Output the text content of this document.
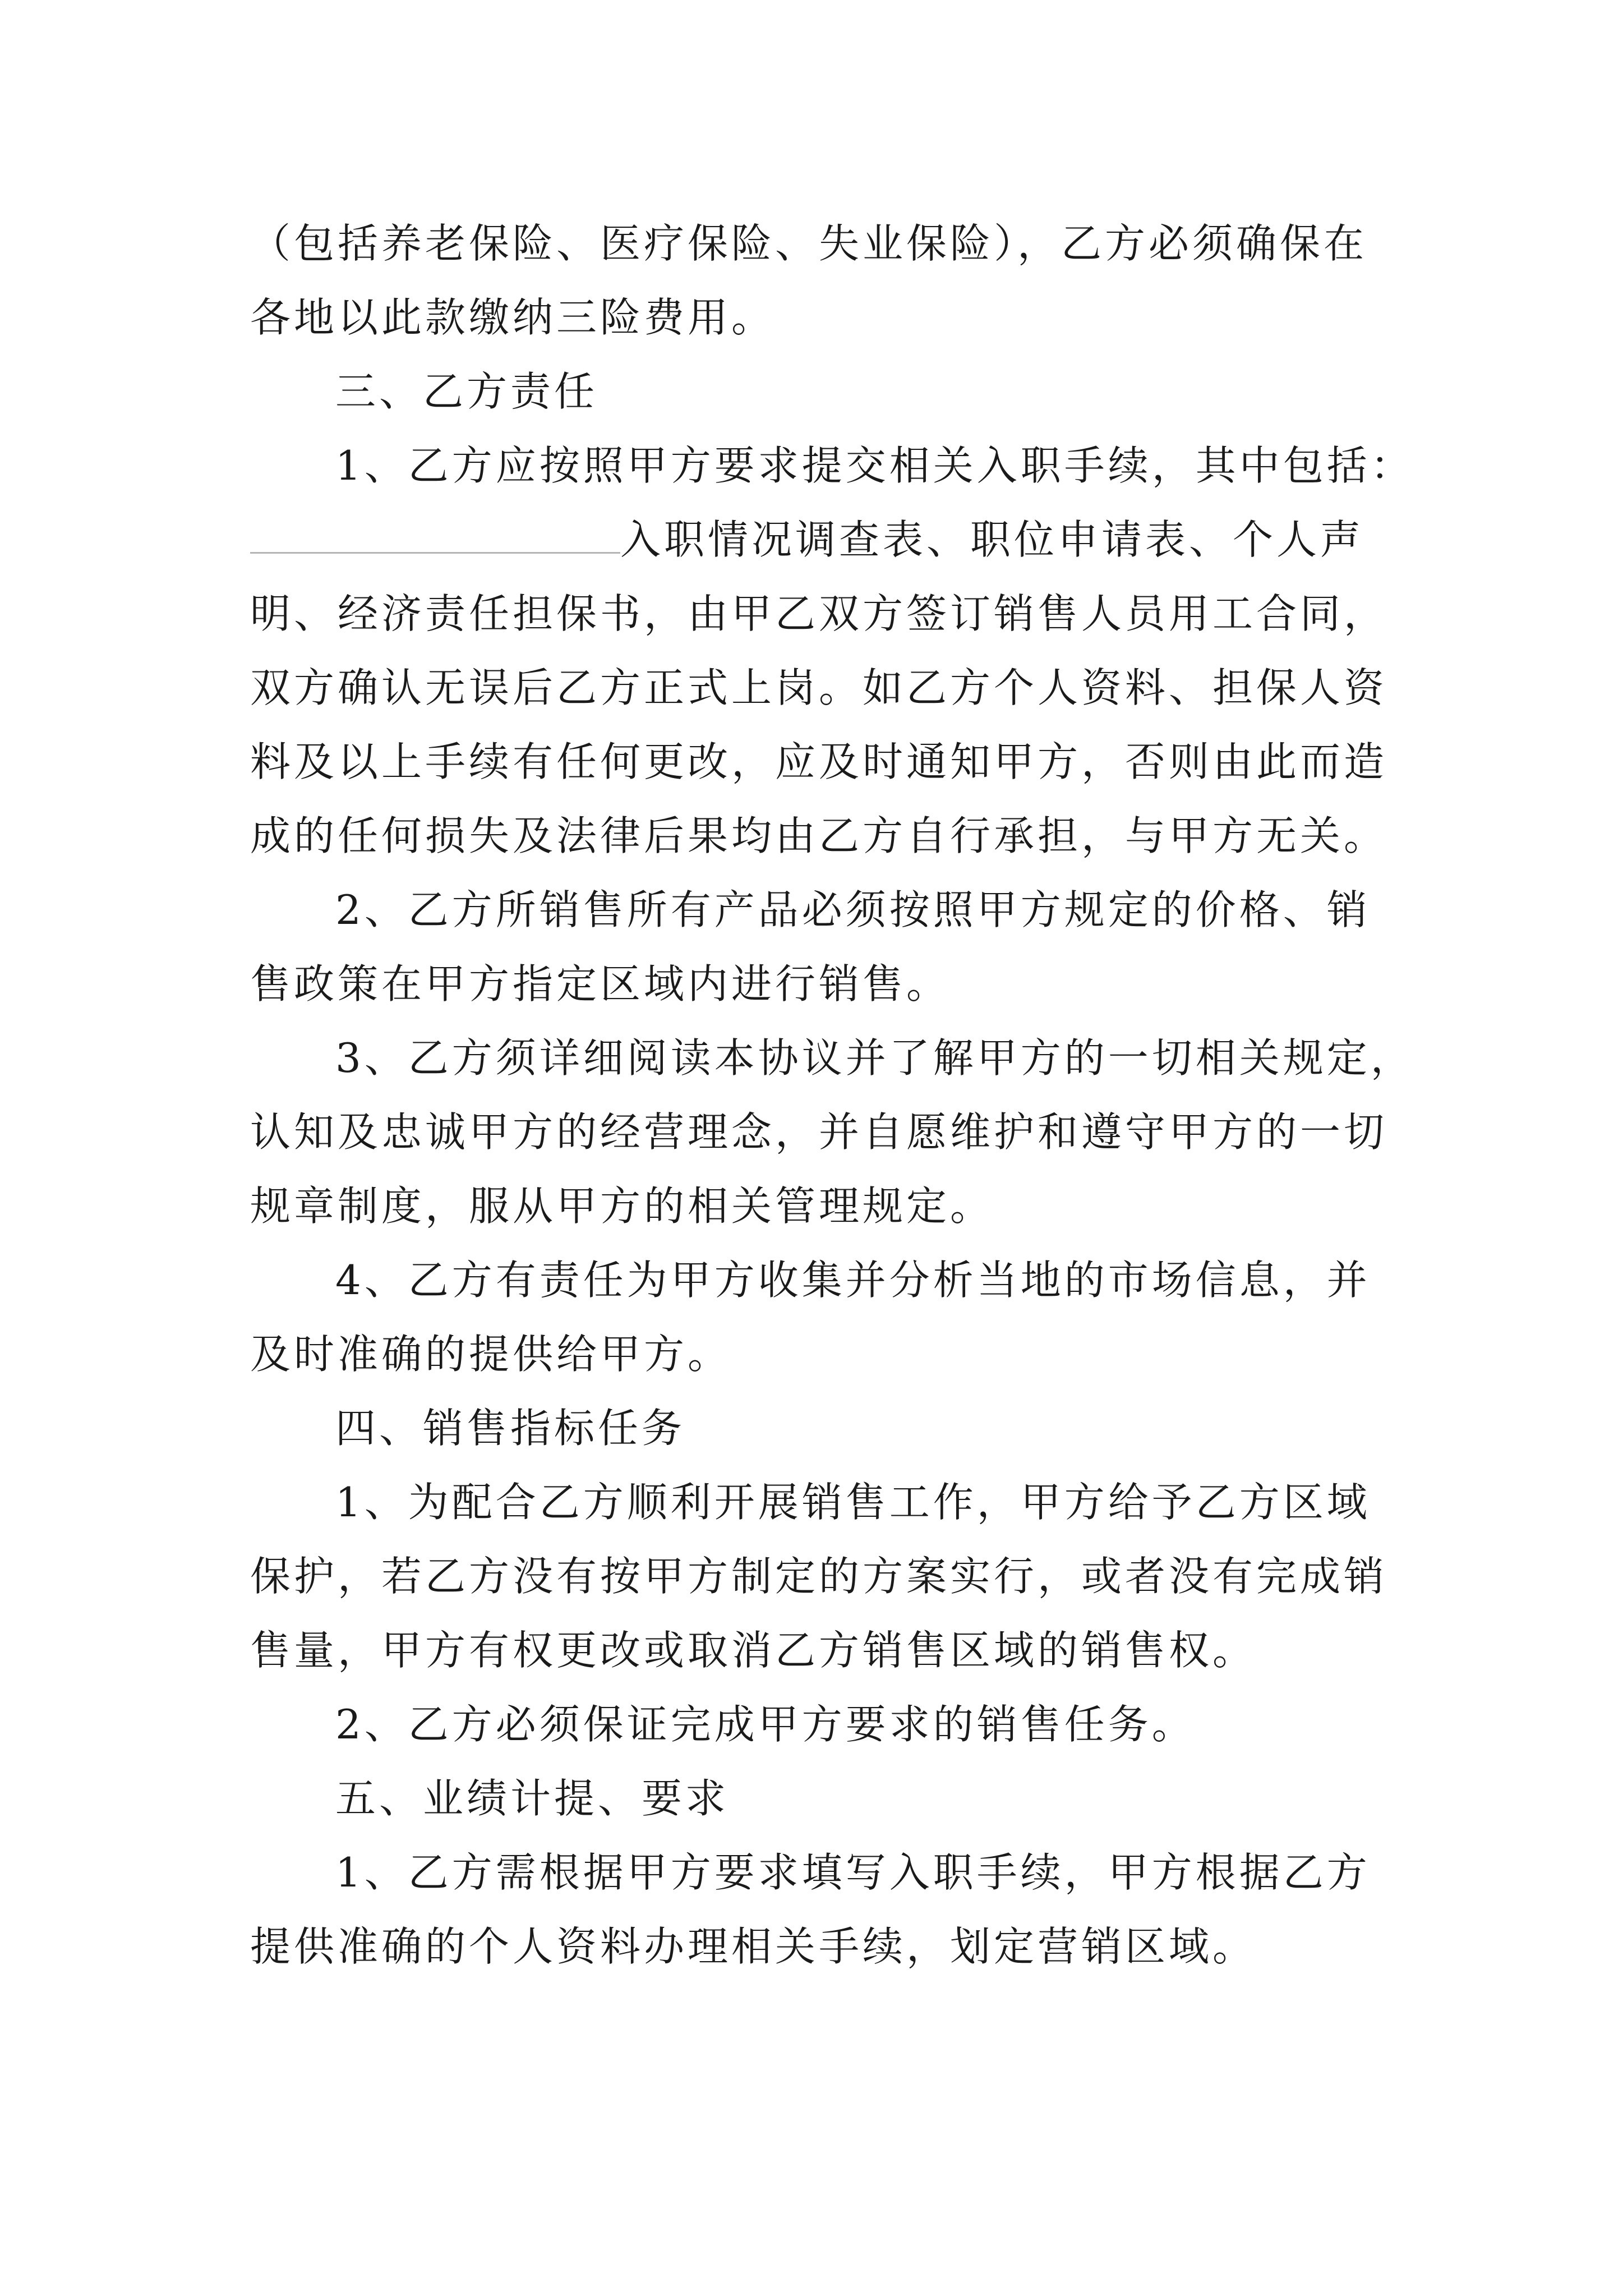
（包括养老保险、医疗保险、失业保险），乙方必须确保在
各地以此款缴纳三险费用。
三、乙方责任
1、乙方应按照甲方要求提交相关入职手续，其中包括：
入职情况调查表、职位申请表、个人声
明、经济责任担保书，由甲乙双方签订销售人员用工合同，
双方确认无误后乙方正式上岗。如乙方个人资料、担保人资
料及以上手续有任何更改，应及时通知甲方，否则由此而造
成的任何损失及法律后果均由乙方自行承担，与甲方无关。
2、乙方所销售所有产品必须按照甲方规定的价格、销
售政策在甲方指定区域内进行销售。
3、乙方须详细阅读本协议并了解甲方的一切相关规定，
认知及忠诚甲方的经营理念，并自愿维护和遵守甲方的一切
规章制度，服从甲方的相关管理规定。
4、乙方有责任为甲方收集并分析当地的市场信息，并
及时准确的提供给甲方。
四、销售指标任务
1、为配合乙方顺利开展销售工作，甲方给予乙方区域
保护，若乙方没有按甲方制定的方案实行，或者没有完成销
售量，甲方有权更改或取消乙方销售区域的销售权。
2、乙方必须保证完成甲方要求的销售任务。
五、业绩计提、要求
1、乙方需根据甲方要求填写入职手续，甲方根据乙方
提供准确的个人资料办理相关手续，划定营销区域。
